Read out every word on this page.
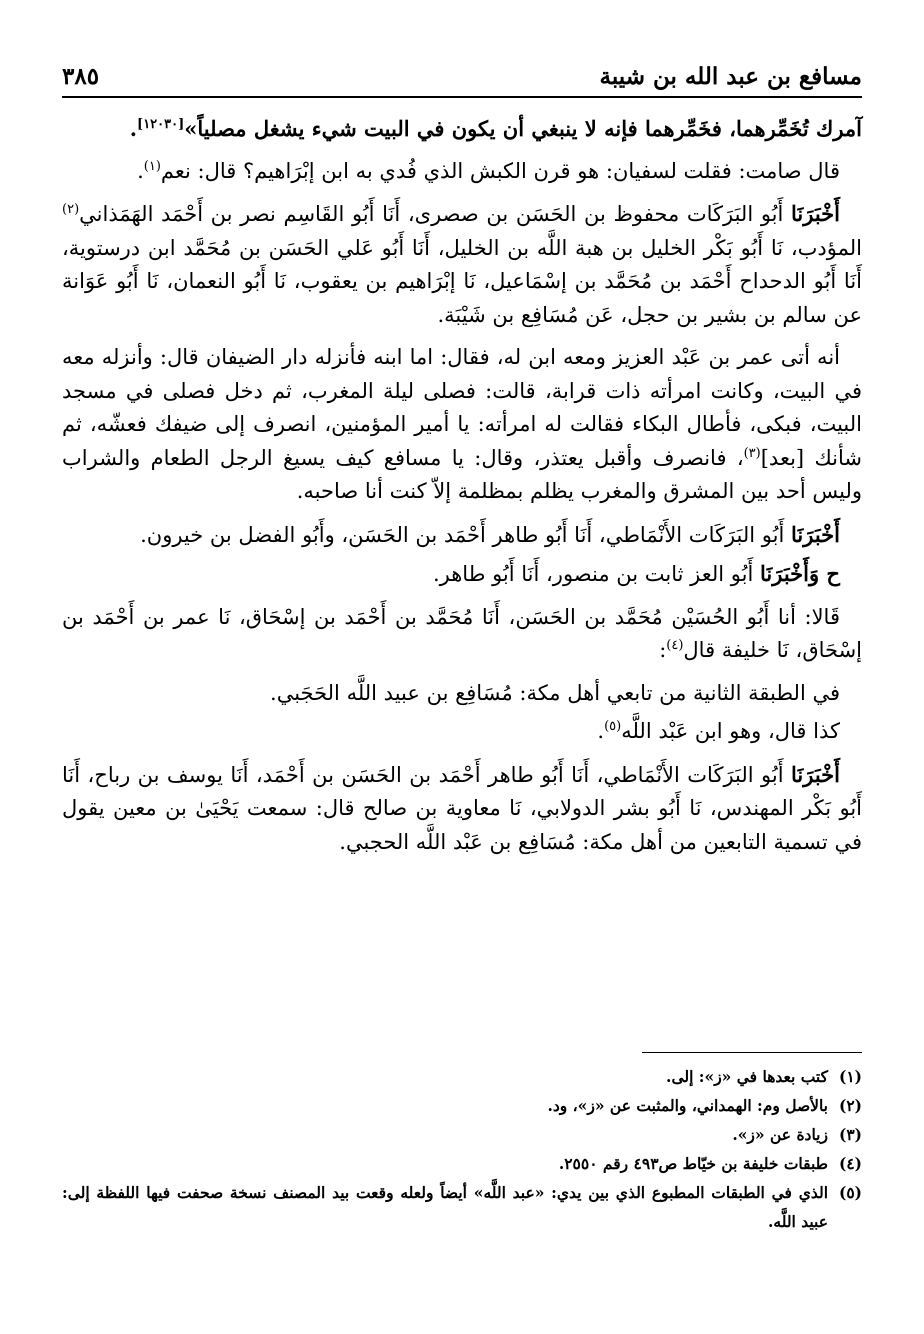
مسافع بن عبد الله بن شيبة
٣٨٥

آمرك تُخَمِّرهما، فخَمِّرهما فإنه لا ينبغي أن يكون في البيت شيء يشغل مصلياً»[١٢٠٣٠].

قال صامت: فقلت لسفيان: هو قرن الكبش الذي فُدي به ابن إبْرَاهيم؟ قال: نعم$^{(١)}$.

أَخْبَرَنَا أَبُو البَرَكَات محفوظ بن الحَسَن بن صصرى، أَنَا أَبُو القَاسِم نصر بن أَحْمَد الهَمَذاني$^{(٢)}$ المؤدب، نَا أَبُو بَكْر الخليل بن هبة اللَّه بن الخليل، أَنَا أَبُو عَلي الحَسَن بن مُحَمَّد ابن درستوية، أَنَا أَبُو الدحداح أَحْمَد بن مُحَمَّد بن إسْمَاعيل، نَا إبْرَاهيم بن يعقوب، نَا أَبُو النعمان، نَا أَبُو عَوَانة عن سالم بن بشير بن حجل، عَن مُسَافِع بن شَيْبَة.

أنه أتى عمر بن عَبْد العزيز ومعه ابن له، فقال: اما ابنه فأنزله دار الضيفان قال: وأنزله معه في البيت، وكانت امرأته ذات قرابة، قالت: فصلى ليلة المغرب، ثم دخل فصلى في مسجد البيت، فبكى، فأطال البكاء فقالت له امرأته: يا أمير المؤمنين، انصرف إلى ضيفك فعشّه، ثم شأنك [بعد]$^{(٣)}$، فانصرف وأقبل يعتذر، وقال: يا مسافع كيف يسيغ الرجل الطعام والشراب وليس أحد بين المشرق والمغرب يظلم بمظلمة إلاّ كنت أنا صاحبه.

أَخْبَرَنَا أَبُو البَرَكَات الأَنْمَاطي، أَنَا أَبُو طاهر أَحْمَد بن الحَسَن، وأَبُو الفضل بن خيرون.

ح وَأَخْبَرَنَا أَبُو العز ثابت بن منصور، أَنَا أَبُو طاهر.

قَالا: أنا أَبُو الحُسَيْن مُحَمَّد بن الحَسَن، أَنَا مُحَمَّد بن أَحْمَد بن إسْحَاق، نَا عمر بن أَحْمَد بن إسْحَاق، نَا خليفة قال$^{(٤)}$:

في الطبقة الثانية من تابعي أهل مكة: مُسَافِع بن عبيد اللَّه الحَجَبي.

كذا قال، وهو ابن عَبْد اللَّه$^{(٥)}$.

أَخْبَرَنَا أَبُو البَرَكَات الأَنْمَاطي، أَنَا أَبُو طاهر أَحْمَد بن الحَسَن بن أَحْمَد، أَنَا يوسف بن رباح، أَنَا أَبُو بَكْر المهندس، نَا أَبُو بشر الدولابي، نَا معاوية بن صالح قال: سمعت يَحْيَىٰ بن معين يقول في تسمية التابعين من أهل مكة: مُسَافِع بن عَبْد اللَّه الحجبي.

(١)
كتب بعدها في «ز»: إلى.
(٢)
بالأصل وم: الهمداني، والمثبت عن «ز»، ود.
(٣)
زيادة عن «ز».
(٤)
طبقات خليفة بن خيّاط ص٤٩٣ رقم ٢٥٥٠.
(٥)
الذي في الطبقات المطبوع الذي بين يدي: «عبد اللَّه» أيضاً ولعله وقعت بيد المصنف نسخة صحفت فيها اللفظة إلى: عبيد اللَّه.
